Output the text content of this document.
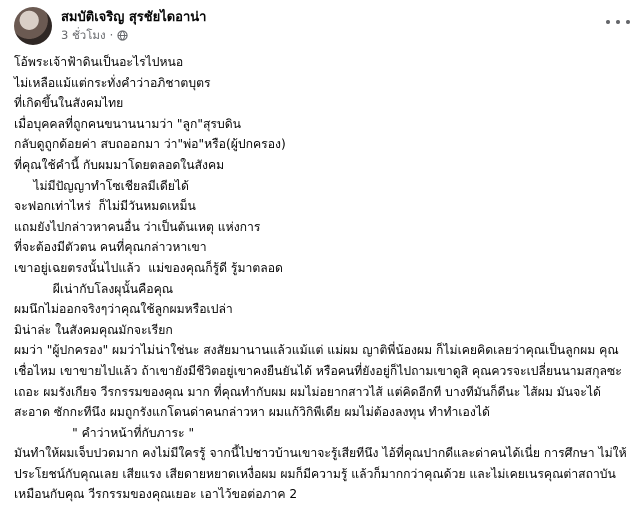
สมบัติเจริญ สุรชัยไดอาน่า
3 ชั่วโมง ·
โอ้พระเจ้าฟ้าดินเป็นอะไรไปหนอ
ไม่เหลือแม้แต่กระทั่งคำว่าอภิชาตบุตร
ที่เกิดขึ้นในสังคมไทย
เมื่อบุคคลที่ถูกคนขนานนามว่า "ลูก"สุรบดิน
กลับดูถูกด้อยค่า สบถออกมา ว่า"พ่อ"หรือ(ผู้ปกครอง)
ที่คุณใช้คำนี้ กับผมมาโดยตลอดในสังคม
ไม่มีปัญญาทำโซเชียลมีเดียได้
จะฟอกเท่าไหร่  ก็ไม่มีวันหมดเหม็น
แถมยังไปกล่าวหาคนอื่น ว่าเป็นต้นเหตุ แห่งการ
ที่จะต้องมีตัวตน คนที่คุณกล่าวหาเขา
เขาอยู่เฉยตรงนั้นไปแล้ว  แม่ของคุณก็รู้ดี รู้มาตลอด
ผีเน่ากับโลงผุนั้นคือคุณ
ผมนึกไม่ออกจริงๆว่าคุณใช้ลูกผมหรือเปล่า
มิน่าล่ะ ในสังคมคุณมักจะเรียก
ผมว่า "ผู้ปกครอง" ผมว่าไม่น่าใช่นะ สงสัยมานานแล้วแม้แต่ แม่ผม ญาติพี่น้องผม ก็ไม่เคยคิดเลยว่าคุณเป็นลูกผม คุณเชื่อไหม เขาขายไปแล้ว ถ้าเขายังมีชีวิตอยู่เขาคงยืนยันได้ หรือคนที่ยังอยู่ก็ไปถามเขาดูสิ คุณควรจะเปลี่ยนนามสกุลซะเถอะ ผมรังเกียจ วีรกรรมของคุณ มาก ที่คุณทำกับผม ผมไม่อยากสาวไส้ แต่คิดอีกที บางทีมันก็ดีนะ ไส้ผม มันจะได้สะอาด ซักกะทีนึง ผมถูกรังแกโดนด่าคนกล่าวหา ผมแก้วิกิพีเดีย ผมไม่ต้องลงทุน ทำทำเองได้
" คำว่าหน้าที่กับภาระ "
มันทำให้ผมเจ็บปวดมาก คงไม่มีใครรู้ จากนี้ไปชาวบ้านเขาจะรู้เสียทีนึง ไอ้ที่คุณปากดีและด่าคนได้เนี่ย การศึกษา ไม่ให้ประโยชน์กับคุณเลย เสียแรง เสียดายหยาดเหงื่อผม ผมก็มีความรู้ แล้วก็มากกว่าคุณด้วย และไม่เคยเนรคุณต่าสถาบัน เหมือนกับคุณ วีรกรรมของคุณเยอะ เอาไว้ขอต่อภาค 2
